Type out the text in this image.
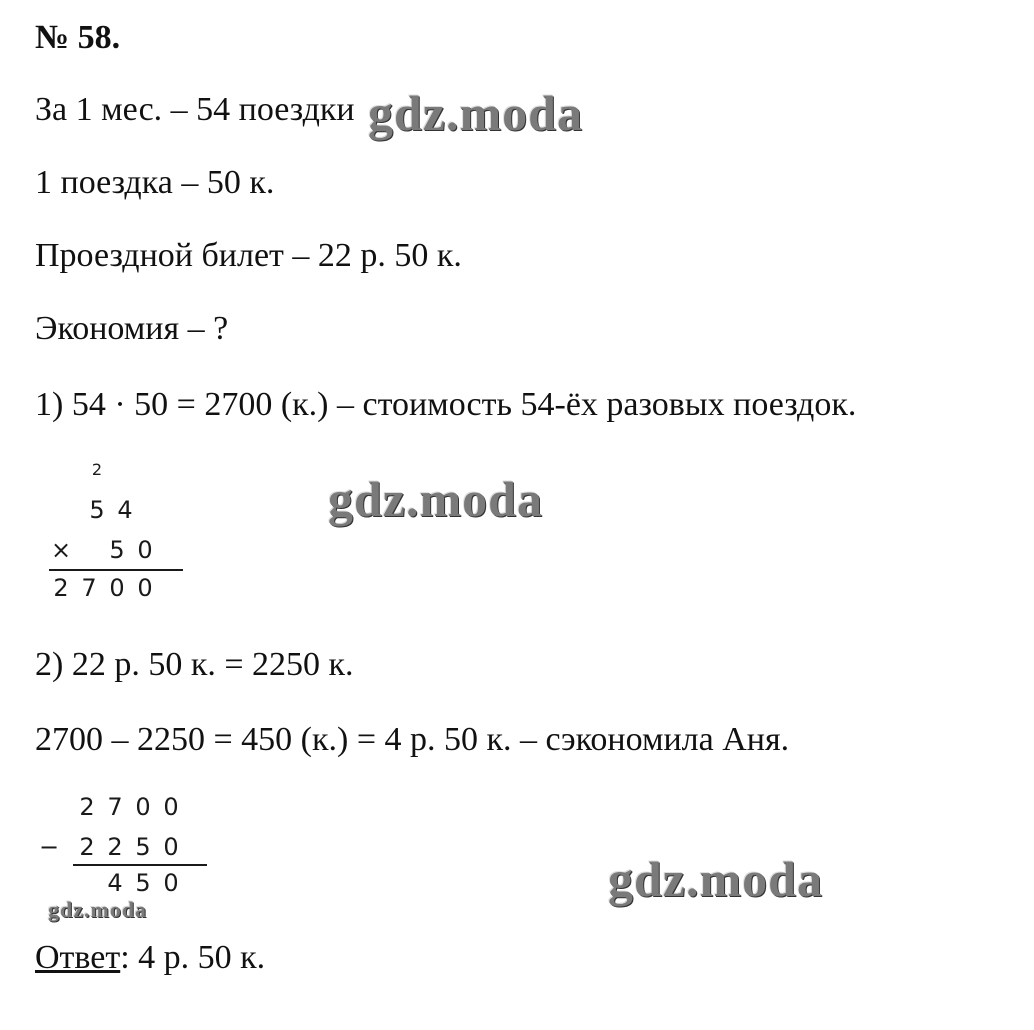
№ 58.
За 1 мес. – 54 поездки
1 поездка – 50 к.
Проездной билет – 22 р. 50 к.
Экономия – ?
1) 54 · 50 = 2700 (к.) – стоимость 54-ёх разовых поездок.
2
5 4
× 5 0
2 7 0 0
2) 22 р. 50 к. = 2250 к.
2700 – 2250 = 450 (к.) = 4 р. 50 к. – сэкономила Аня.
2 7 0 0
− 2 2 5 0
4 5 0
Ответ: 4 р. 50 к.
gdz.moda
gdz.moda
gdz.moda
gdz.moda
